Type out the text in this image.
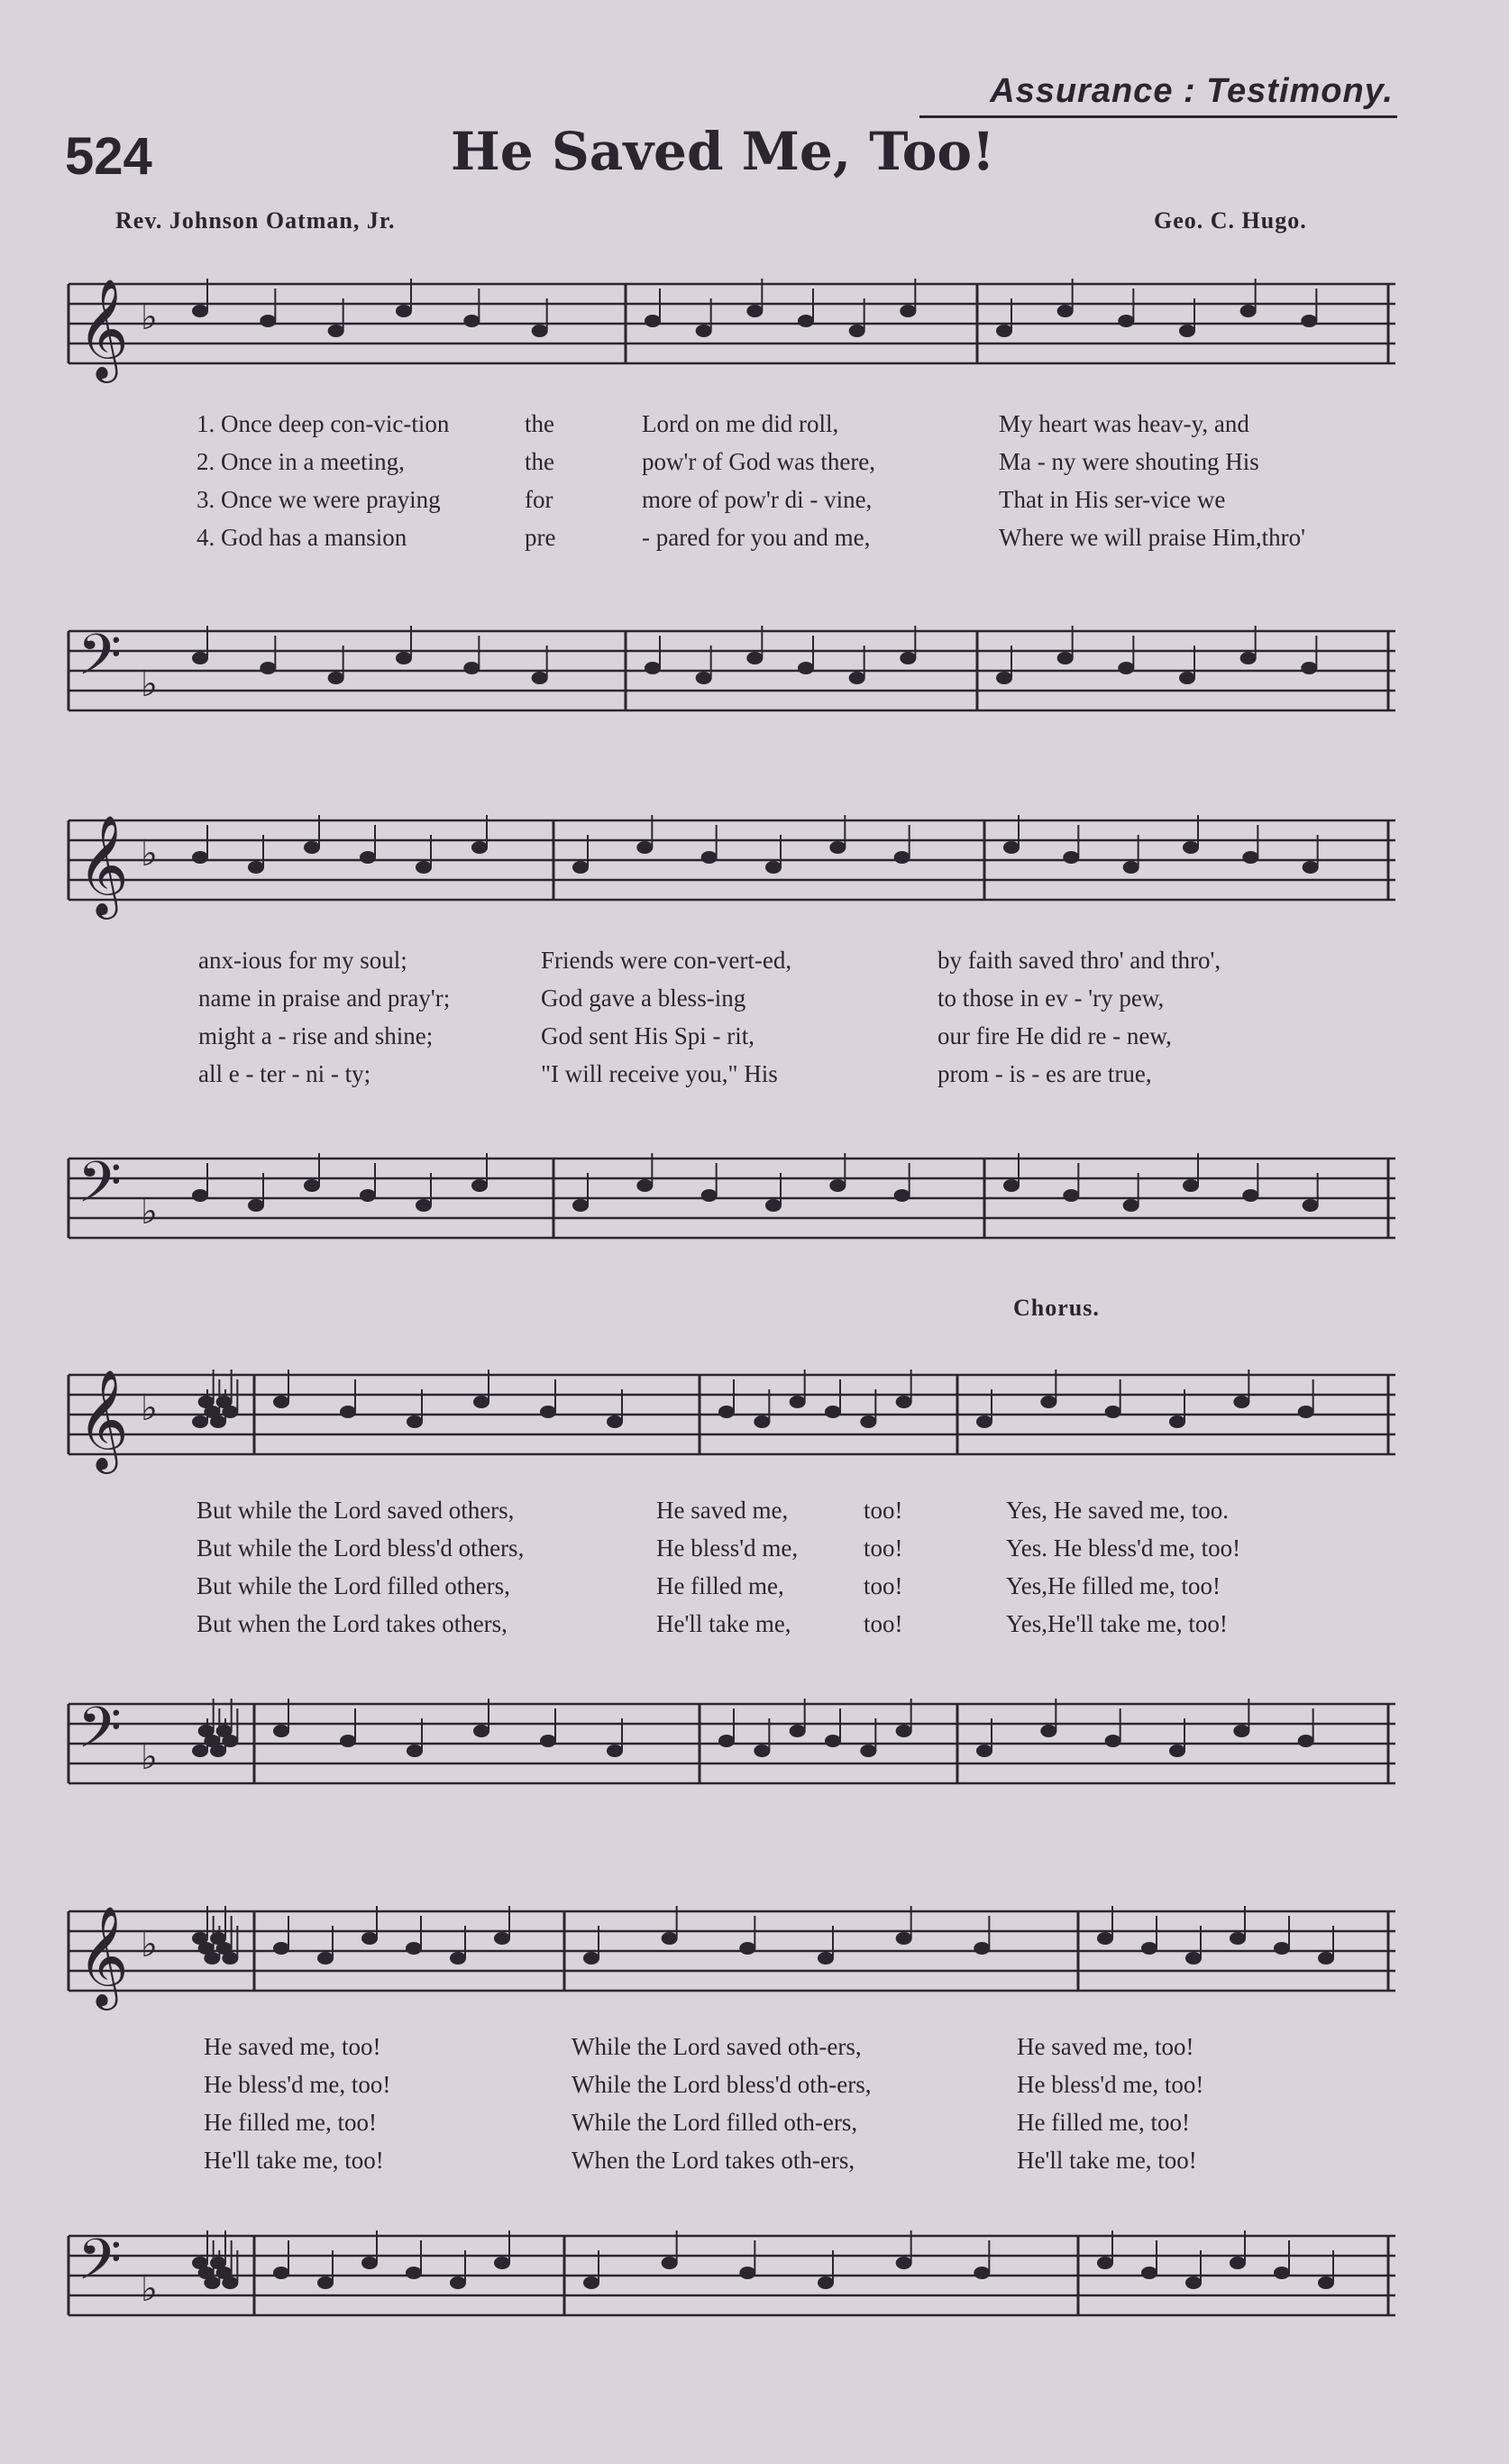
Assurance : Testimony.
524	He Saved Me, Too!
Rev. Johnson Oatman, Jr.	Geo. C. Hugo.
Chorus.
𝄞 ♭
𝄢 ♭
𝄞 ♭
𝄢 ♭
𝄞 ♭
𝄢 ♭
𝄞 ♭
𝄢 ♭
1. Once deep con-vic-tion	the	Lord on me did roll,	My heart was heav-y, and
2. Once in a meeting,	the	pow'r of God was there,	Ma - ny were shouting His
3. Once we were praying	for	more of pow'r di - vine,	That in His ser-vice we
4. God has a mansion	pre	- pared for you and me,	Where we will praise Him,thro'
anx-ious for my soul;	Friends were con-vert-ed,	by faith saved thro' and thro',
name in praise and pray'r;	God gave a bless-ing	to those in ev - 'ry pew,
might a - rise and shine;	God sent His Spi - rit,	our fire He did re - new,
all e - ter - ni - ty;	"I will receive you," His	prom - is - es are true,
But while the Lord saved others,	He saved me,	too!	Yes, He saved me, too.
But while the Lord bless'd others,	He bless'd me,	too!	Yes. He bless'd me, too!
But while the Lord filled others,	He filled me,	too!	Yes,He filled me, too!
But when the Lord takes others,	He'll take me,	too!	Yes,He'll take me, too!
He saved me, too!	While the Lord saved oth-ers,	He saved me, too!
He bless'd me, too!	While the Lord bless'd oth-ers,	He bless'd me, too!
He filled me, too!	While the Lord filled oth-ers,	He filled me, too!
He'll take me, too!	When the Lord takes oth-ers,	He'll take me, too!
